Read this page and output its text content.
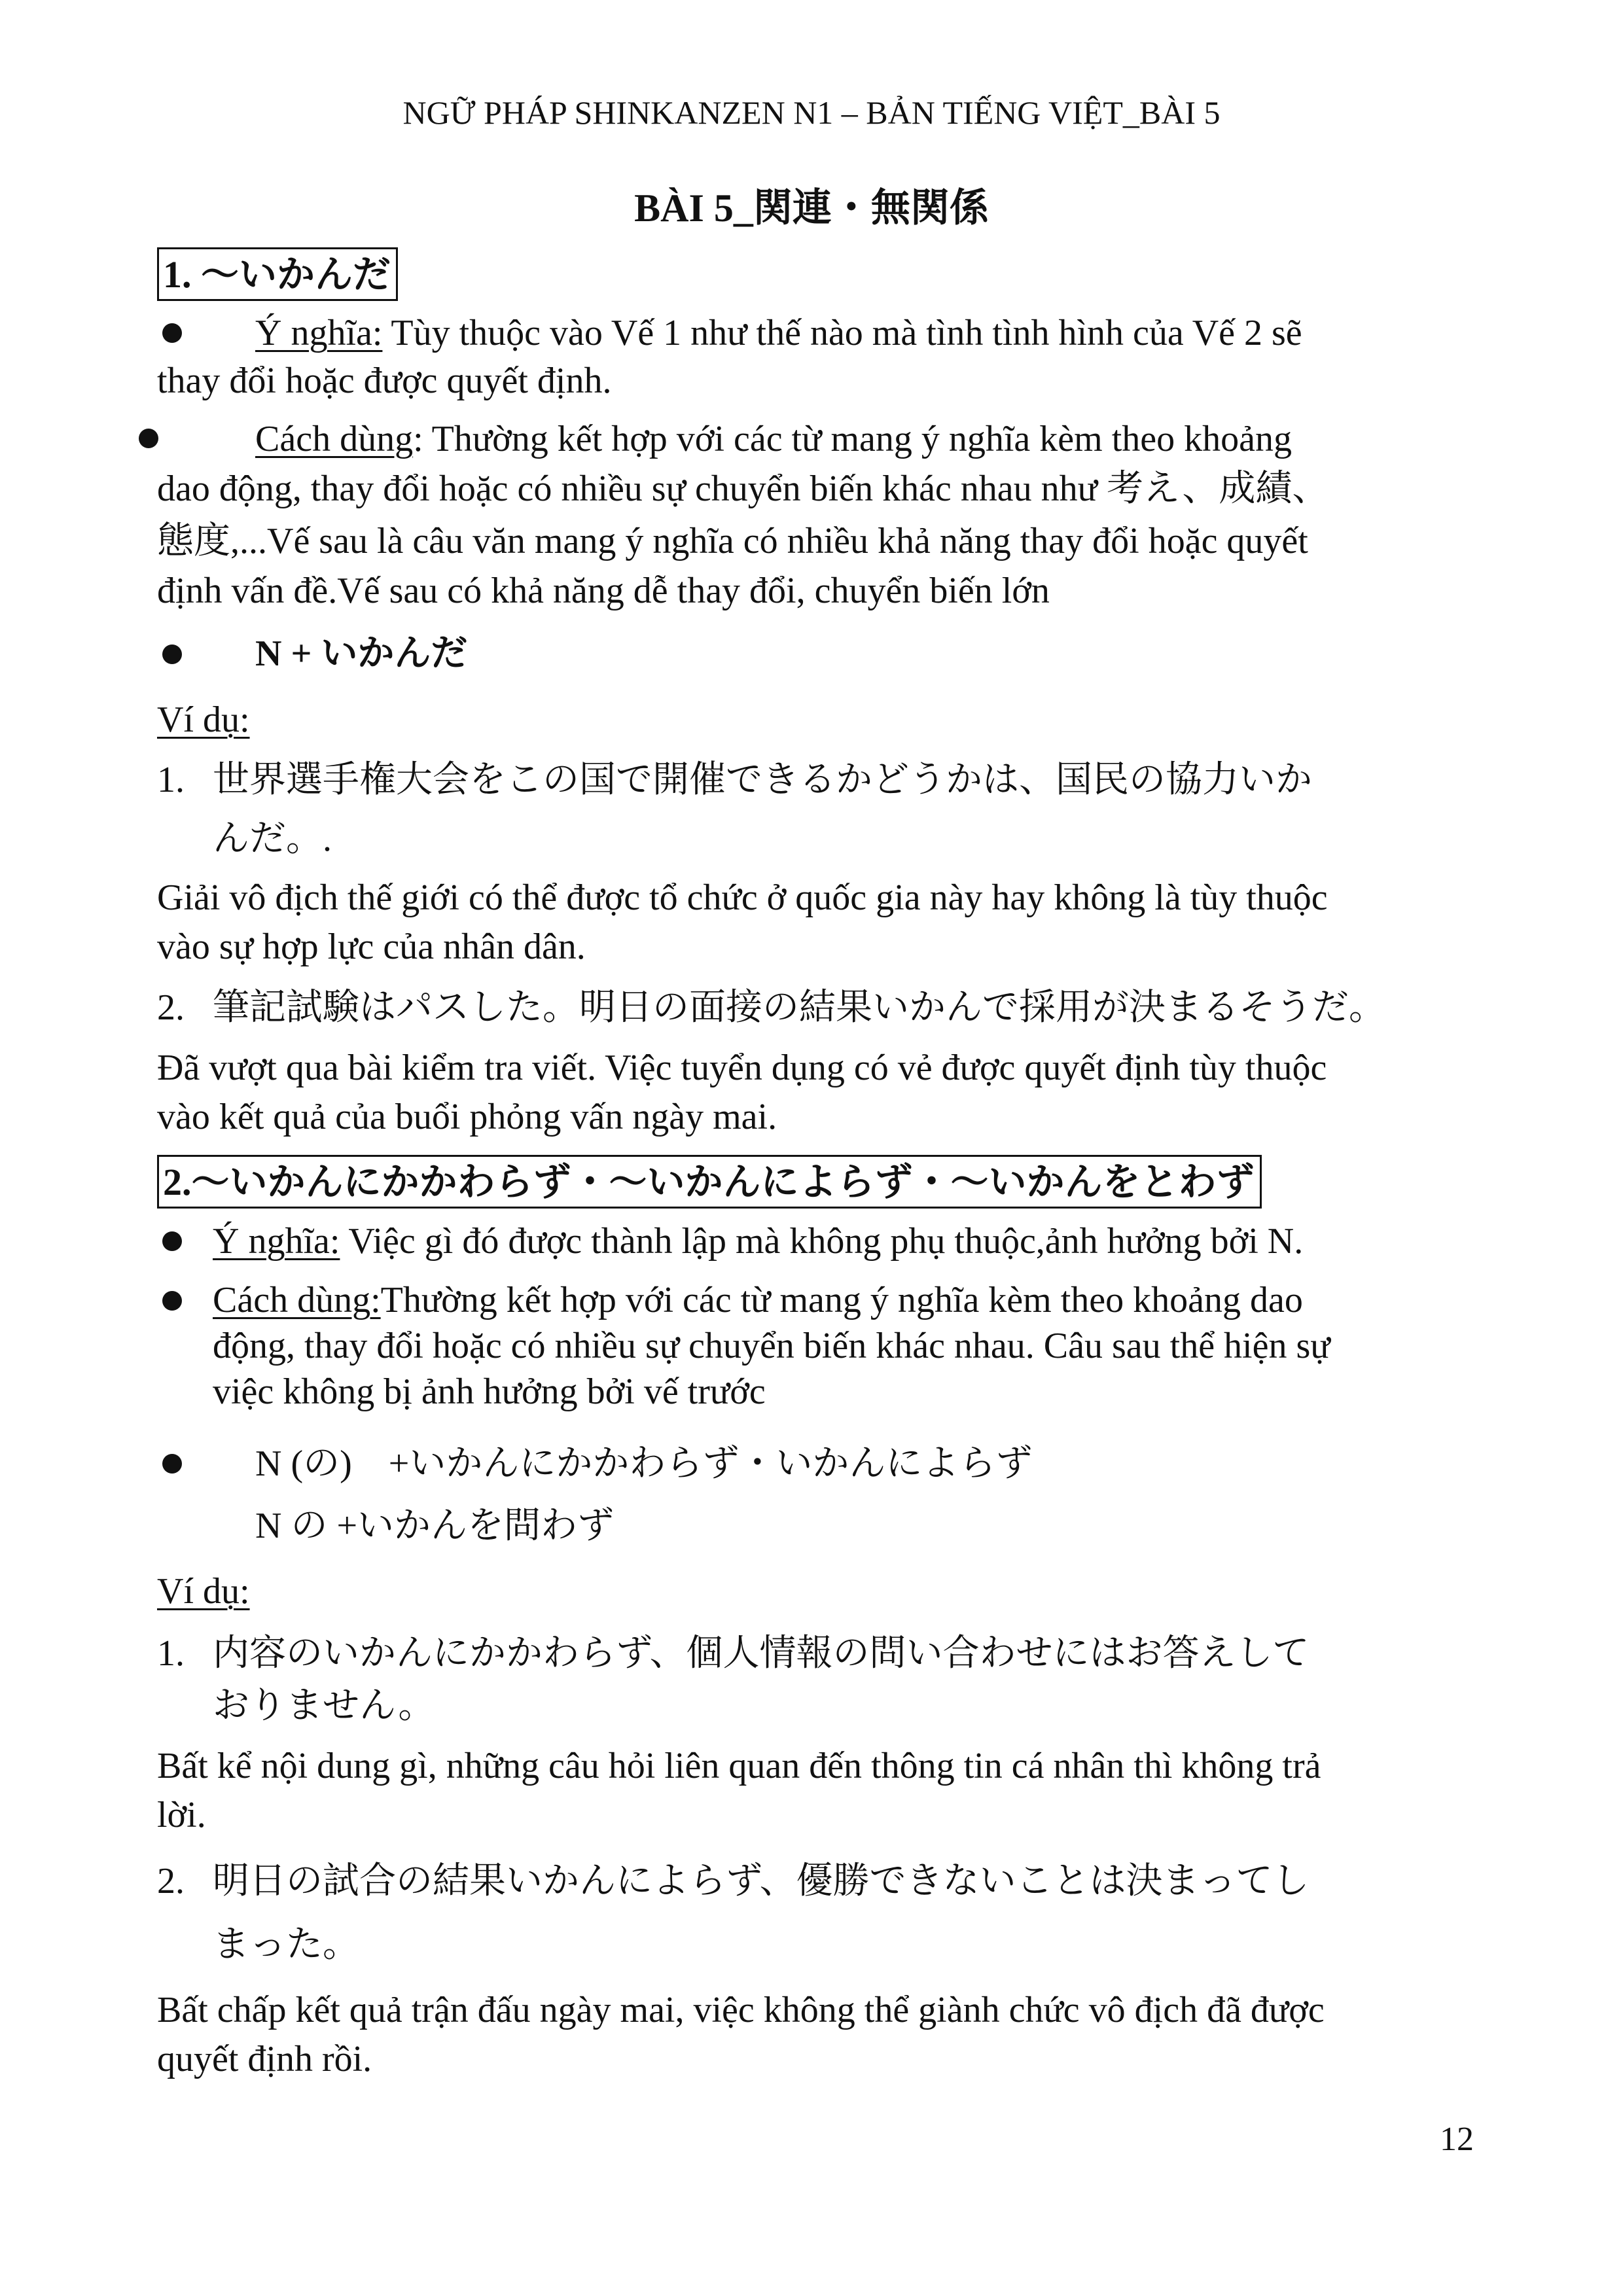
NGỮ PHÁP SHINKANZEN N1 – BẢN TIẾNG VIỆT_BÀI 5
BÀI 5_関連・無関係
1. ～いかんだ
Ý nghĩa: Tùy thuộc vào Vế 1 như thế nào mà tình tình hình của Vế 2 sẽ
thay đổi hoặc được quyết định.
Cách dùng: Thường kết hợp với các từ mang ý nghĩa kèm theo khoảng
dao động, thay đổi hoặc có nhiều sự chuyển biến khác nhau như 考え、成績、
態度,...Vế sau là câu văn mang ý nghĩa có nhiều khả năng thay đổi hoặc quyết
định vấn đề.Vế sau có khả năng dễ thay đổi, chuyển biến lớn
N + いかんだ
Ví dụ:
1. 世界選手権大会をこの国で開催できるかどうかは、国民の協力いか
んだ。.
Giải vô địch thế giới có thể được tổ chức ở quốc gia này hay không là tùy thuộc
vào sự hợp lực của nhân dân.
2. 筆記試験はパスした。明日の面接の結果いかんで採用が決まるそうだ。
Đã vượt qua bài kiểm tra viết. Việc tuyển dụng có vẻ được quyết định tùy thuộc
vào kết quả của buổi phỏng vấn ngày mai.
2.～いかんにかかわらず・～いかんによらず・～いかんをとわず
Ý nghĩa: Việc gì đó được thành lập mà không phụ thuộc,ảnh hưởng bởi N.
Cách dùng:Thường kết hợp với các từ mang ý nghĩa kèm theo khoảng dao
động, thay đổi hoặc có nhiều sự chuyển biến khác nhau. Câu sau thể hiện sự
việc không bị ảnh hưởng bởi vế trước
N (の)　+いかんにかかわらず・いかんによらず
N の +いかんを問わず
Ví dụ:
1. 内容のいかんにかかわらず、個人情報の問い合わせにはお答えして
おりません。
Bất kể nội dung gì, những câu hỏi liên quan đến thông tin cá nhân thì không trả
lời.
2. 明日の試合の結果いかんによらず、優勝できないことは決まってし
まった。
Bất chấp kết quả trận đấu ngày mai, việc không thể giành chức vô địch đã được
quyết định rồi.
12
